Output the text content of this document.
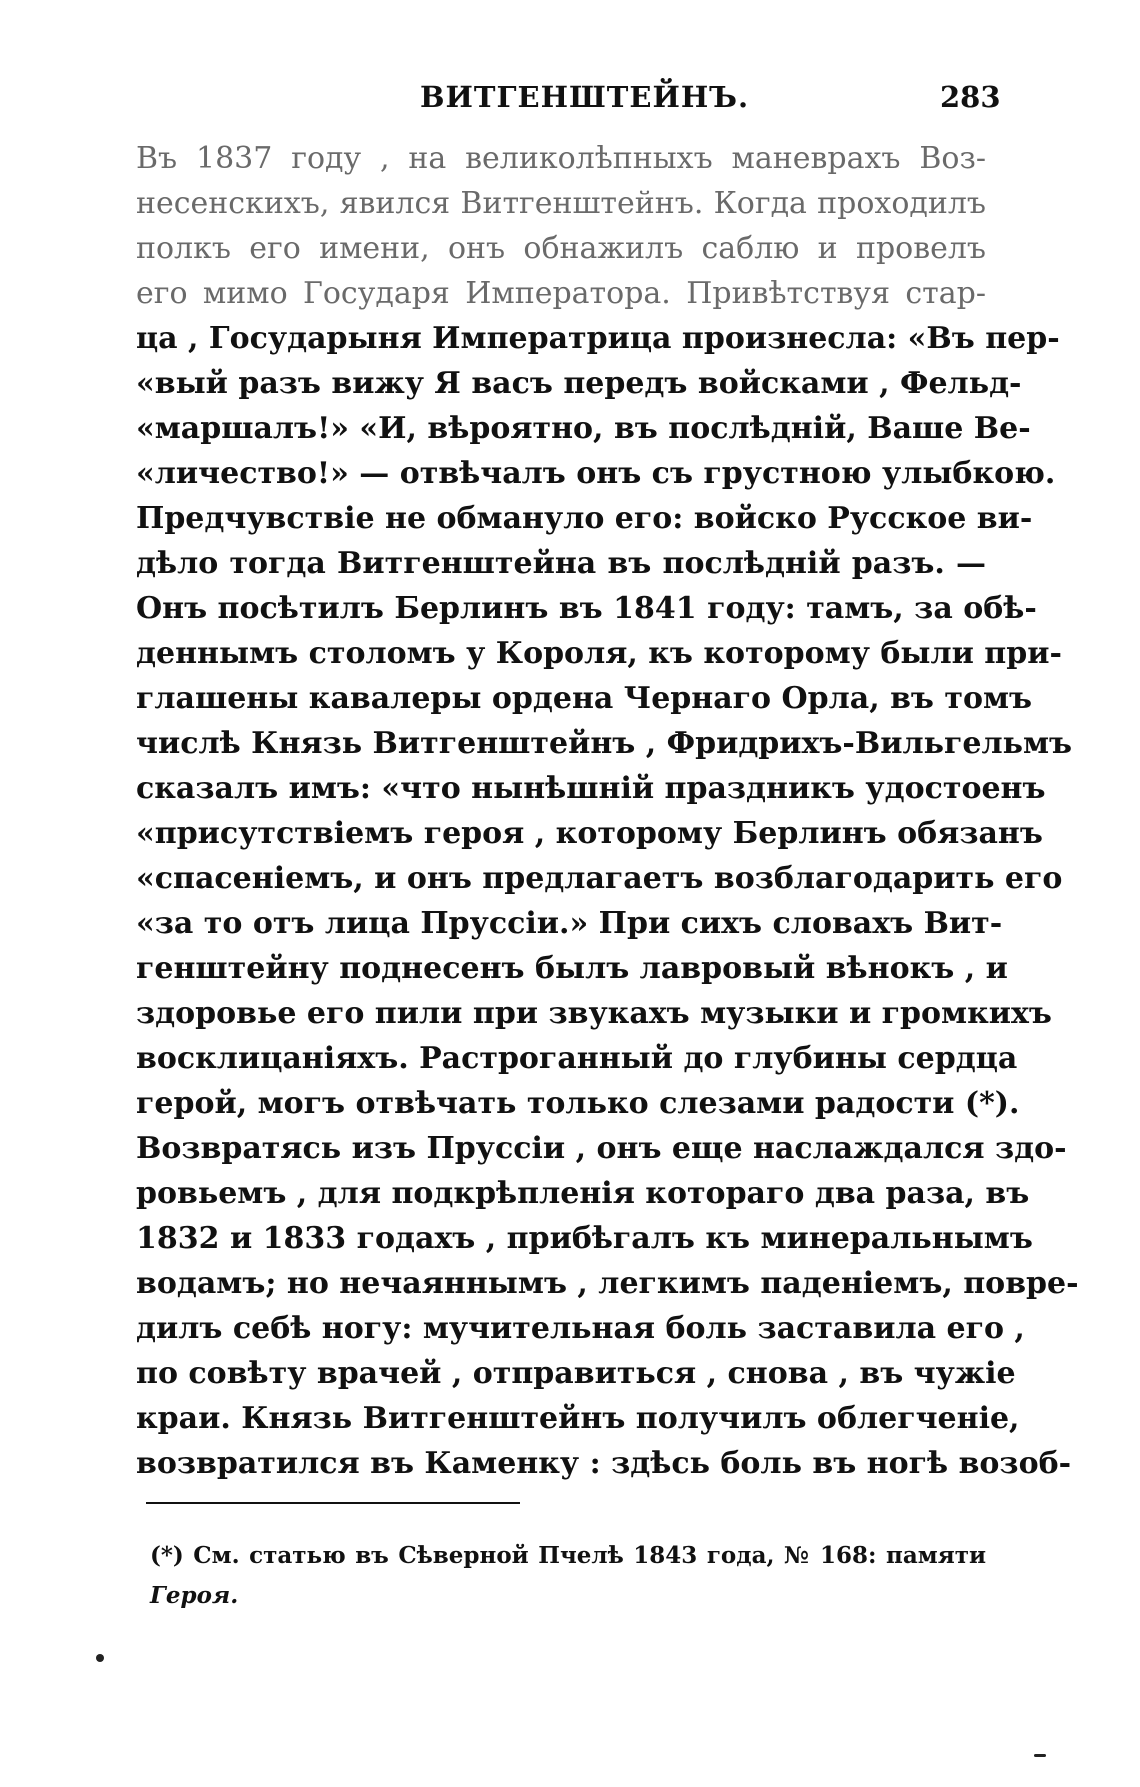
ВИТГЕНШТЕЙНЪ.	283
Въ 1837 году , на великолѣпныхъ маневрахъ Воз-
несенскихъ, явился Витгенштейнъ. Когда проходилъ
полкъ его имени, онъ обнажилъ саблю и провелъ
его мимо Государя Императора. Привѣтствуя стар-
ца , Государыня Императрица произнесла: «Въ пер-
«вый разъ вижу Я васъ передъ войсками , Фельд-
«маршалъ!» «И, вѣроятно, въ послѣдній, Ваше Ве-
«личество!» — отвѣчалъ онъ съ грустною улыбкою.
Предчувствіе не обмануло его: войско Русское ви-
дѣло тогда Витгенштейна въ послѣдній разъ. —
Онъ посѣтилъ Берлинъ въ 1841 году: тамъ, за обѣ-
деннымъ столомъ у Короля, къ которому были при-
глашены кавалеры ордена Чернаго Орла, въ томъ
числѣ Князь Витгенштейнъ , Фридрихъ-Вильгельмъ
сказалъ имъ: «что нынѣшній праздникъ удостоенъ
«присутствіемъ героя , которому Берлинъ обязанъ
«спасеніемъ, и онъ предлагаетъ возблагодарить его
«за то отъ лица Пруссіи.» При сихъ словахъ Вит-
генштейну поднесенъ былъ лавровый вѣнокъ , и
здоровье его пили при звукахъ музыки и громкихъ
восклицаніяхъ. Растроганный до глубины сердца
герой, могъ отвѣчать только слезами радости (*).
Возвратясь изъ Пруссіи , онъ еще наслаждался здо-
ровьемъ , для подкрѣпленія котораго два раза, въ
1832 и 1833 годахъ , прибѣгалъ къ минеральнымъ
водамъ; но нечаяннымъ , легкимъ паденіемъ, повре-
дилъ себѣ ногу: мучительная боль заставила его ,
по совѣту врачей , отправиться , снова , въ чужіе
краи. Князь Витгенштейнъ получилъ облегченіе,
возвратился въ Каменку : здѣсь боль въ ногѣ возоб-
(*) См. статью въ Сѣверной Пчелѣ 1843 года, № 168: памяти
Героя.
